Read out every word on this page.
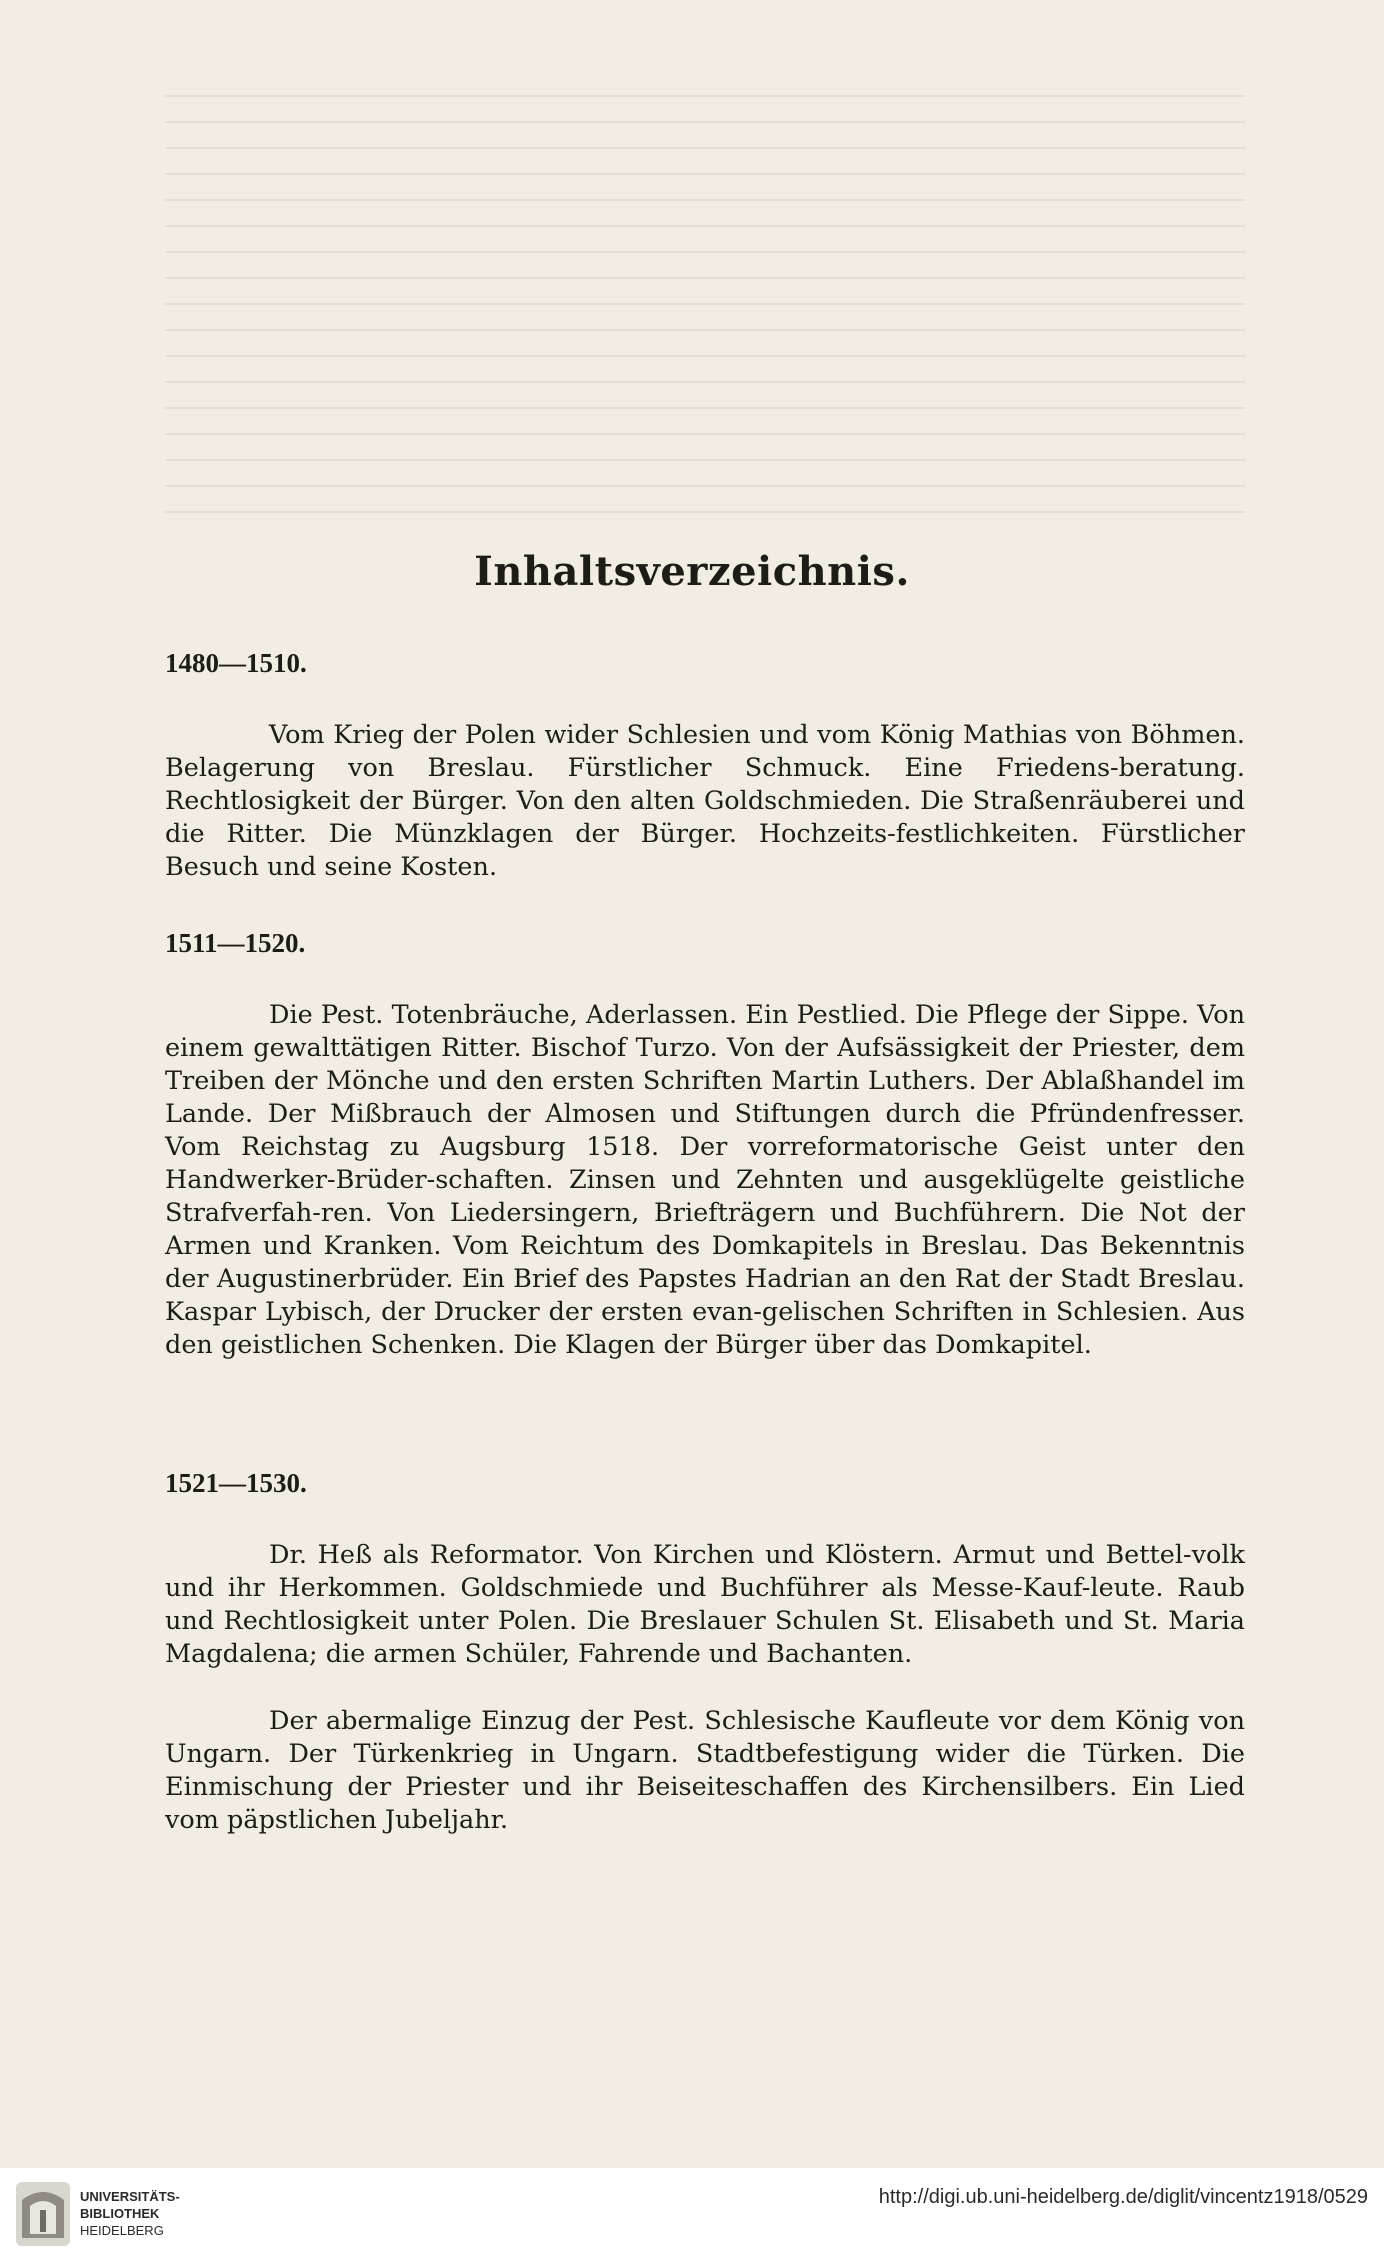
Inhaltsverzeichnis.
1480—1510.

Vom Krieg der Polen wider Schlesien und vom König Mathias von Böhmen. Belagerung von Breslau. Fürstlicher Schmuck. Eine Friedens-beratung. Rechtlosigkeit der Bürger. Von den alten Goldschmieden. Die Straßenräuberei und die Ritter. Die Münzklagen der Bürger. Hochzeits-festlichkeiten. Fürstlicher Besuch und seine Kosten.

1511—1520.

Die Pest. Totenbräuche, Aderlassen. Ein Pestlied. Die Pflege der Sippe. Von einem gewalttätigen Ritter. Bischof Turzo. Von der Aufsässigkeit der Priester, dem Treiben der Mönche und den ersten Schriften Martin Luthers. Der Ablaßhandel im Lande. Der Mißbrauch der Almosen und Stiftungen durch die Pfründenfresser. Vom Reichstag zu Augsburg 1518. Der vorreformatorische Geist unter den Handwerker-Brüder-schaften. Zinsen und Zehnten und ausgeklügelte geistliche Strafverfah-ren. Von Liedersingern, Briefträgern und Buchführern. Die Not der Armen und Kranken. Vom Reichtum des Domkapitels in Breslau. Das Bekenntnis der Augustinerbrüder. Ein Brief des Papstes Hadrian an den Rat der Stadt Breslau. Kaspar Lybisch, der Drucker der ersten evan-gelischen Schriften in Schlesien. Aus den geistlichen Schenken. Die Klagen der Bürger über das Domkapitel.

1521—1530.

Dr. Heß als Reformator. Von Kirchen und Klöstern. Armut und Bettel-volk und ihr Herkommen. Goldschmiede und Buchführer als Messe-Kauf-leute. Raub und Rechtlosigkeit unter Polen. Die Breslauer Schulen St. Elisabeth und St. Maria Magdalena; die armen Schüler, Fahrende und Bachanten.

Der abermalige Einzug der Pest. Schlesische Kaufleute vor dem König von Ungarn. Der Türkenkrieg in Ungarn. Stadtbefestigung wider die Türken. Die Einmischung der Priester und ihr Beiseiteschaffen des Kirchensilbers. Ein Lied vom päpstlichen Jubeljahr.

UNIVERSITÄTS-
BIBLIOTHEK
HEIDELBERG
http://digi.ub.uni-heidelberg.de/diglit/vincentz1918/0529
